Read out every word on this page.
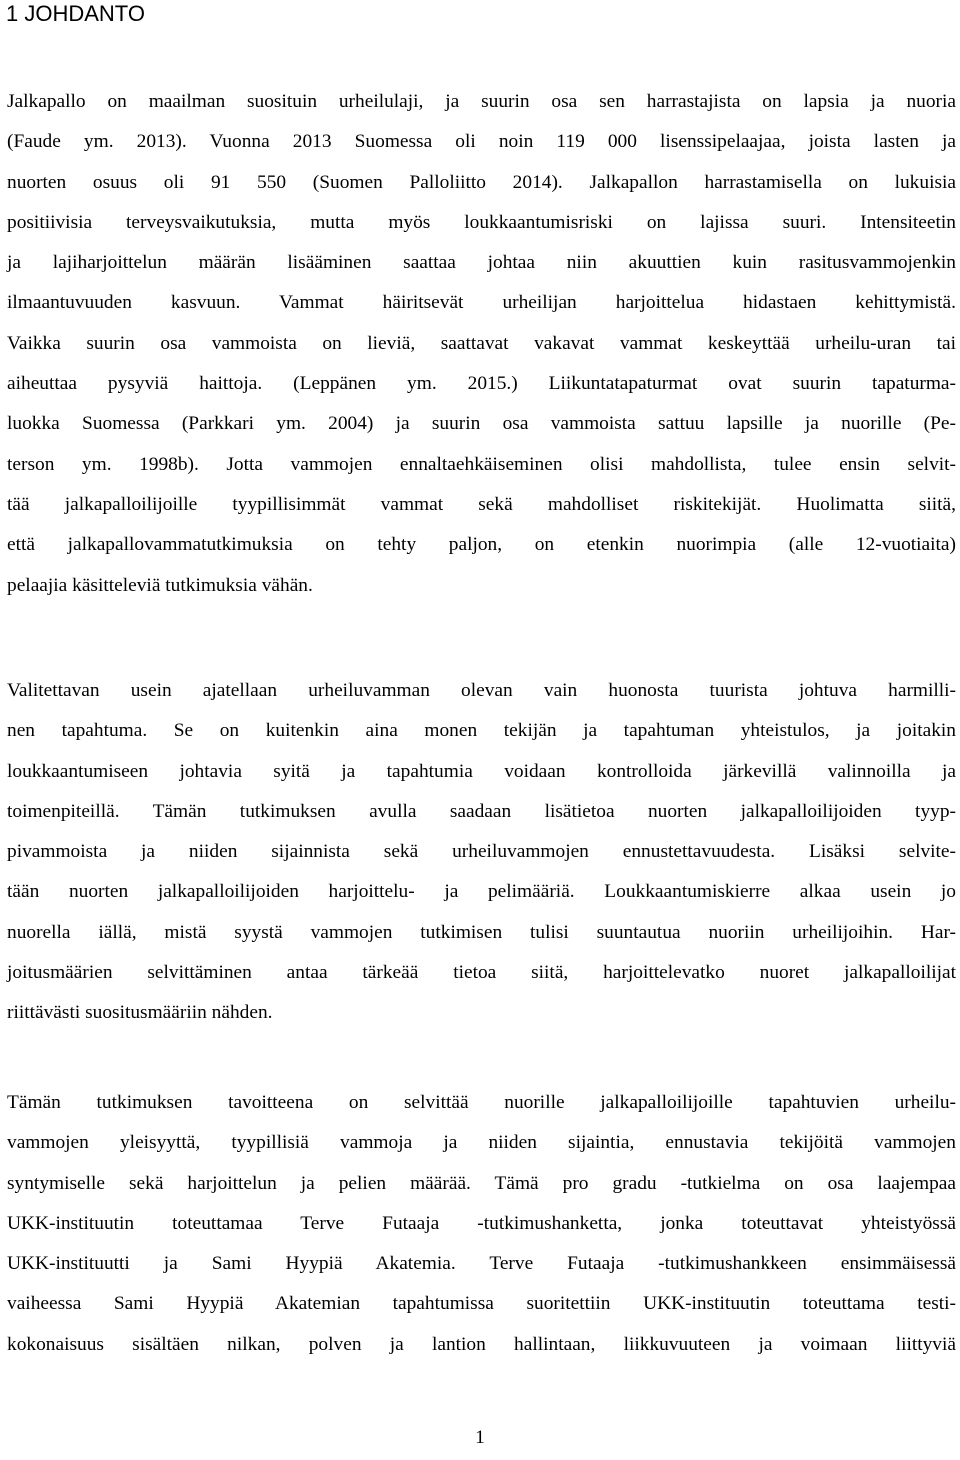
1 JOHDANTO
Jalkapallo on maailman suosituin urheilulaji, ja suurin osa sen harrastajista on lapsia ja nuoria
(Faude ym. 2013). Vuonna 2013 Suomessa oli noin 119 000 lisenssipelaajaa, joista lasten ja
nuorten osuus oli 91 550 (Suomen Palloliitto 2014). Jalkapallon harrastamisella on lukuisia
positiivisia terveysvaikutuksia, mutta myös loukkaantumisriski on lajissa suuri. Intensiteetin
ja lajiharjoittelun määrän lisääminen saattaa johtaa niin akuuttien kuin rasitusvammojenkin
ilmaantuvuuden kasvuun. Vammat häiritsevät urheilijan harjoittelua hidastaen kehittymistä.
Vaikka suurin osa vammoista on lieviä, saattavat vakavat vammat keskeyttää urheilu-uran tai
aiheuttaa pysyviä haittoja. (Leppänen ym. 2015.) Liikuntatapaturmat ovat suurin tapaturma-
luokka Suomessa (Parkkari ym. 2004) ja suurin osa vammoista sattuu lapsille ja nuorille (Pe-
terson ym. 1998b). Jotta vammojen ennaltaehkäiseminen olisi mahdollista, tulee ensin selvit-
tää jalkapalloilijoille tyypillisimmät vammat sekä mahdolliset riskitekijät. Huolimatta siitä,
että jalkapallovammatutkimuksia on tehty paljon, on etenkin nuorimpia (alle 12-vuotiaita)
pelaajia käsitteleviä tutkimuksia vähän.
Valitettavan usein ajatellaan urheiluvamman olevan vain huonosta tuurista johtuva harmilli-
nen tapahtuma. Se on kuitenkin aina monen tekijän ja tapahtuman yhteistulos, ja joitakin
loukkaantumiseen johtavia syitä ja tapahtumia voidaan kontrolloida järkevillä valinnoilla ja
toimenpiteillä. Tämän tutkimuksen avulla saadaan lisätietoa nuorten jalkapalloilijoiden tyyp-
pivammoista ja niiden sijainnista sekä urheiluvammojen ennustettavuudesta. Lisäksi selvite-
tään nuorten jalkapalloilijoiden harjoittelu- ja pelimääriä. Loukkaantumiskierre alkaa usein jo
nuorella iällä, mistä syystä vammojen tutkimisen tulisi suuntautua nuoriin urheilijoihin. Har-
joitusmäärien selvittäminen antaa tärkeää tietoa siitä, harjoittelevatko nuoret jalkapalloilijat
riittävästi suositusmääriin nähden.
Tämän tutkimuksen tavoitteena on selvittää nuorille jalkapalloilijoille tapahtuvien urheilu-
vammojen yleisyyttä, tyypillisiä vammoja ja niiden sijaintia, ennustavia tekijöitä vammojen
syntymiselle sekä harjoittelun ja pelien määrää. Tämä pro gradu -tutkielma on osa laajempaa
UKK-instituutin toteuttamaa Terve Futaaja -tutkimushanketta, jonka toteuttavat yhteistyössä
UKK-instituutti ja Sami Hyypiä Akatemia. Terve Futaaja -tutkimushankkeen ensimmäisessä
vaiheessa Sami Hyypiä Akatemian tapahtumissa suoritettiin UKK-instituutin toteuttama testi-
kokonaisuus sisältäen nilkan, polven ja lantion hallintaan, liikkuvuuteen ja voimaan liittyviä
1
